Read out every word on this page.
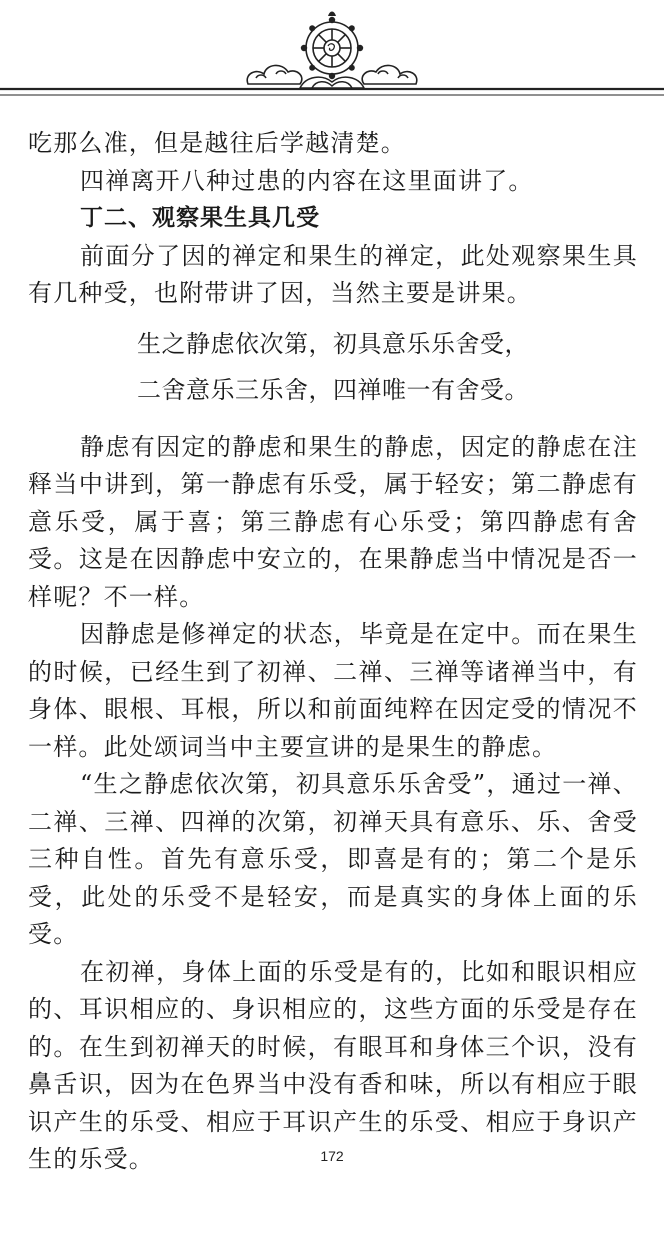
吃那么准，但是越往后学越清楚。

四禅离开八种过患的内容在这里面讲了。

丁二、观察果生具几受

前面分了因的禅定和果生的禅定，此处观察果生具有几种受，也附带讲了因，当然主要是讲果。

生之静虑依次第，初具意乐乐舍受，
二舍意乐三乐舍，四禅唯一有舍受。

静虑有因定的静虑和果生的静虑，因定的静虑在注释当中讲到，第一静虑有乐受，属于轻安；第二静虑有意乐受，属于喜；第三静虑有心乐受；第四静虑有舍受。这是在因静虑中安立的，在果静虑当中情况是否一样呢？不一样。

因静虑是修禅定的状态，毕竟是在定中。而在果生的时候，已经生到了初禅、二禅、三禅等诸禅当中，有身体、眼根、耳根，所以和前面纯粹在因定受的情况不一样。此处颂词当中主要宣讲的是果生的静虑。

“生之静虑依次第，初具意乐乐舍受”，通过一禅、二禅、三禅、四禅的次第，初禅天具有意乐、乐、舍受三种自性。首先有意乐受，即喜是有的；第二个是乐受，此处的乐受不是轻安，而是真实的身体上面的乐受。

在初禅，身体上面的乐受是有的，比如和眼识相应的、耳识相应的、身识相应的，这些方面的乐受是存在的。在生到初禅天的时候，有眼耳和身体三个识，没有鼻舌识，因为在色界当中没有香和味，所以有相应于眼识产生的乐受、相应于耳识产生的乐受、相应于身识产生的乐受。	172
